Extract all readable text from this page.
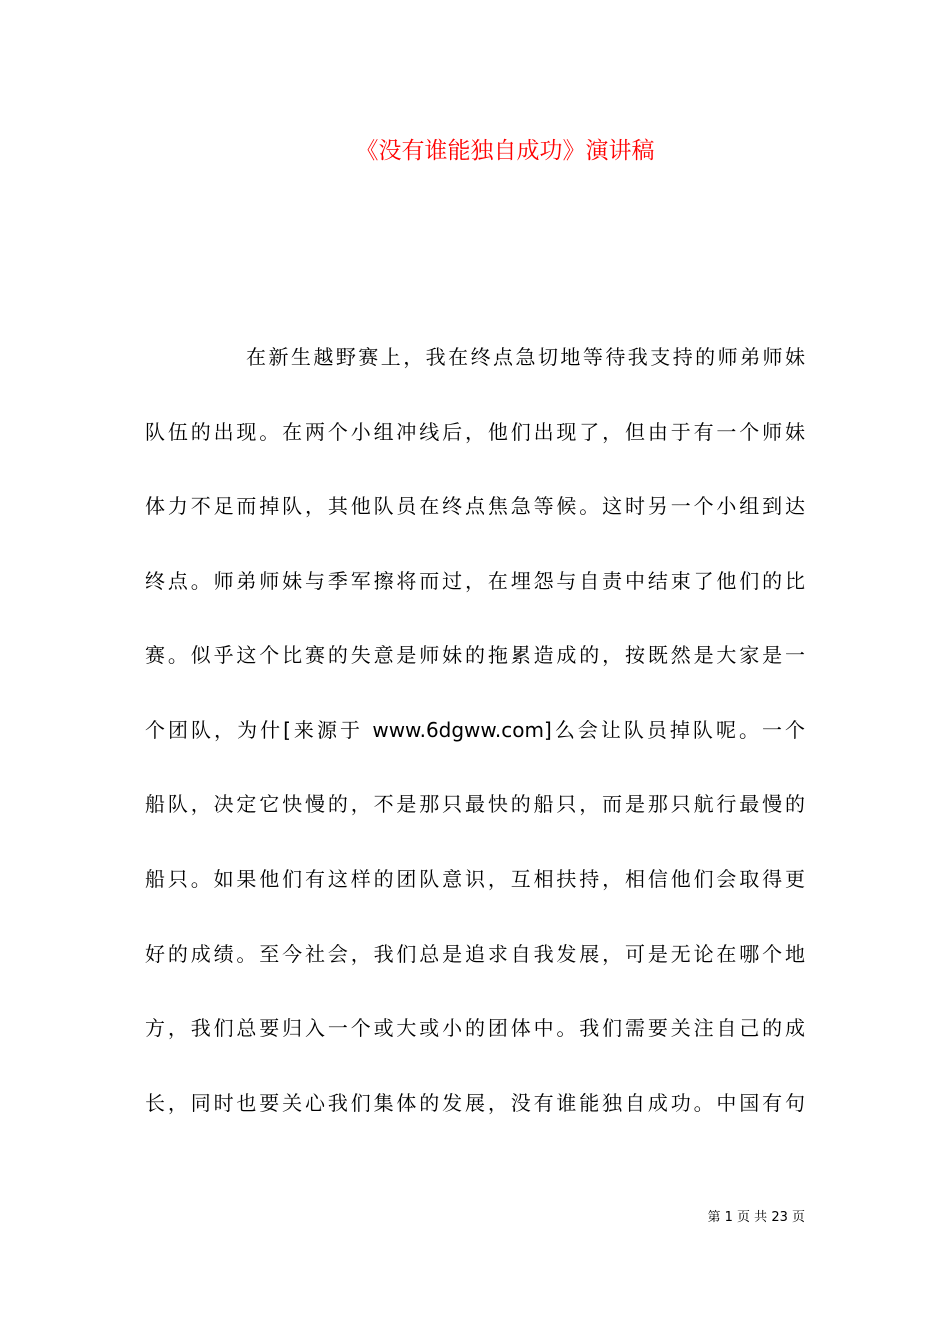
《没有谁能独自成功》演讲稿
在新生越野赛上，我在终点急切地等待我支持的师弟师妹
队伍的出现。在两个小组冲线后，他们出现了，但由于有一个师妹
体力不足而掉队，其他队员在终点焦急等候。这时另一个小组到达
终点。师弟师妹与季军擦将而过，在埋怨与自责中结束了他们的比
赛。似乎这个比赛的失意是师妹的拖累造成的，按既然是大家是一
个团队，为什[来源于 www.6dgww.com]么会让队员掉队呢。一个
船队，决定它快慢的，不是那只最快的船只，而是那只航行最慢的
船只。如果他们有这样的团队意识，互相扶持，相信他们会取得更
好的成绩。至今社会，我们总是追求自我发展，可是无论在哪个地
方，我们总要归入一个或大或小的团体中。我们需要关注自己的成
长，同时也要关心我们集体的发展，没有谁能独自成功。中国有句
第 1 页 共 23 页
